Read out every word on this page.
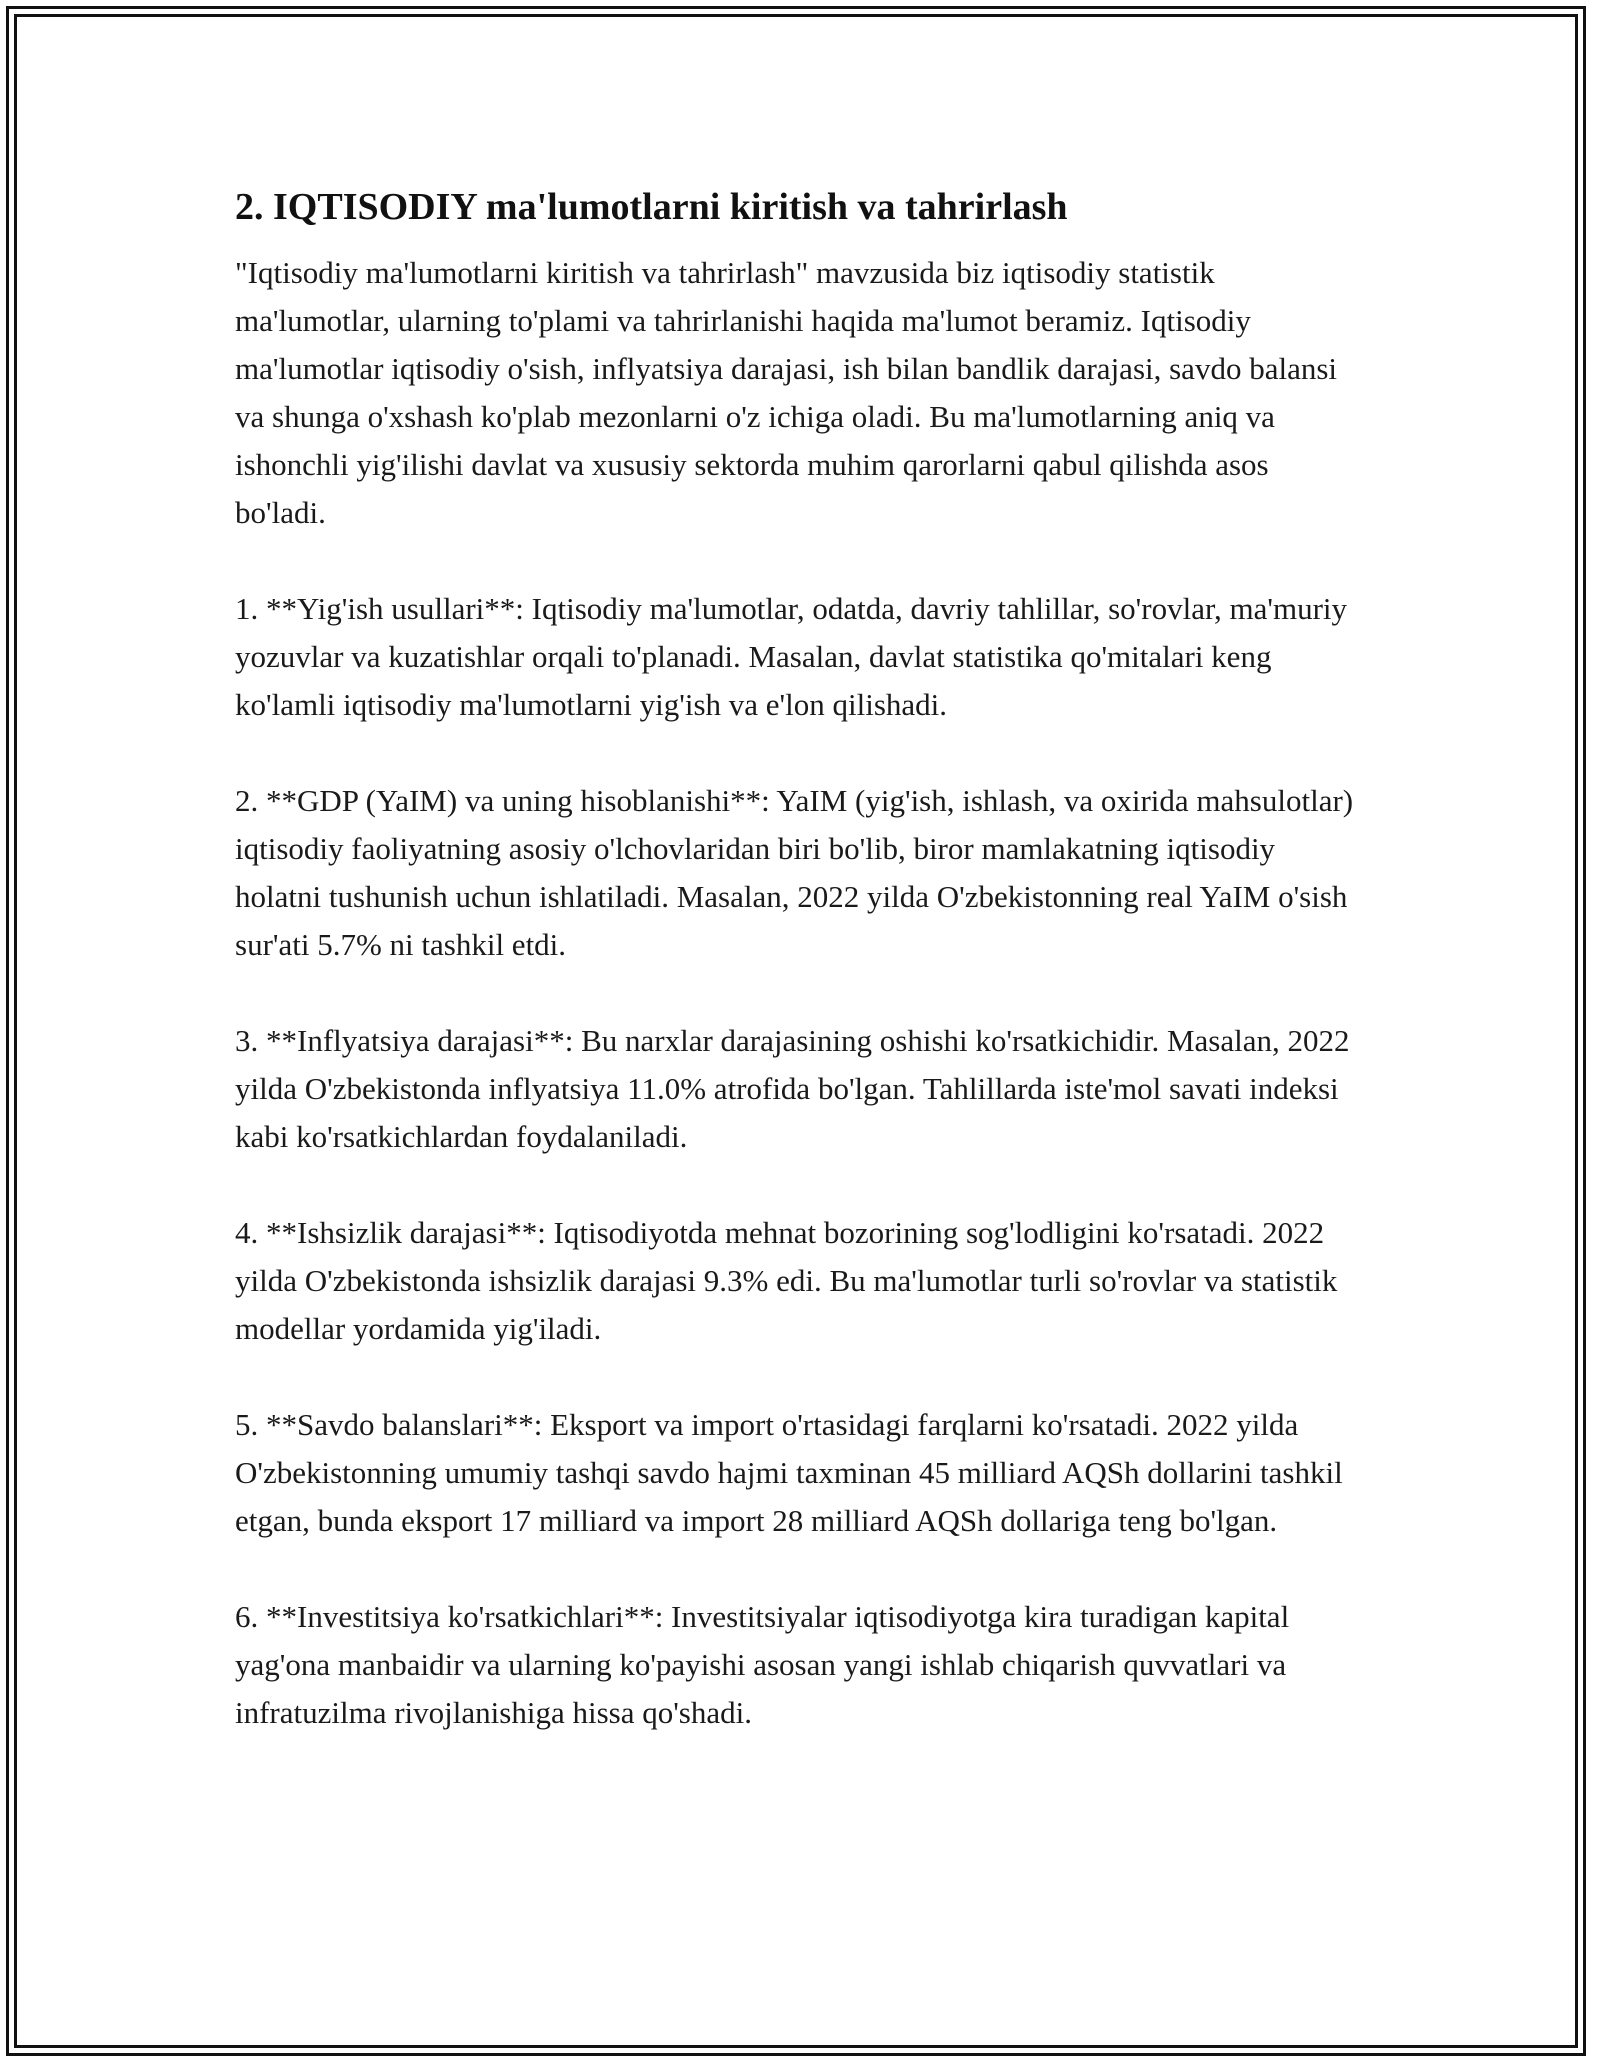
2. IQTISODIY ma'lumotlarni kiritish va tahrirlash

"Iqtisodiy ma'lumotlarni kiritish va tahrirlash" mavzusida biz iqtisodiy statistik ma'lumotlar, ularning to'plami va tahrirlanishi haqida ma'lumot beramiz. Iqtisodiy ma'lumotlar iqtisodiy o'sish, inflyatsiya darajasi, ish bilan bandlik darajasi, savdo balansi va shunga o'xshash ko'plab mezonlarni o'z ichiga oladi. Bu ma'lumotlarning aniq va ishonchli yig'ilishi davlat va xususiy sektorda muhim qarorlarni qabul qilishda asos bo'ladi.

1. **Yig'ish usullari**: Iqtisodiy ma'lumotlar, odatda, davriy tahlillar, so'rovlar, ma'muriy yozuvlar va kuzatishlar orqali to'planadi. Masalan, davlat statistika qo'mitalari keng ko'lamli iqtisodiy ma'lumotlarni yig'ish va e'lon qilishadi.

2. **GDP (YaIM) va uning hisoblanishi**: YaIM (yig'ish, ishlash, va oxirida mahsulotlar) iqtisodiy faoliyatning asosiy o'lchovlaridan biri bo'lib, biror mamlakatning iqtisodiy holatni tushunish uchun ishlatiladi. Masalan, 2022 yilda O'zbekistonning real YaIM o'sish sur'ati 5.7% ni tashkil etdi.

3. **Inflyatsiya darajasi**: Bu narxlar darajasining oshishi ko'rsatkichidir. Masalan, 2022 yilda O'zbekistonda inflyatsiya 11.0% atrofida bo'lgan. Tahlillarda iste'mol savati indeksi kabi ko'rsatkichlardan foydalaniladi.

4. **Ishsizlik darajasi**: Iqtisodiyotda mehnat bozorining sog'lodligini ko'rsatadi. 2022 yilda O'zbekistonda ishsizlik darajasi 9.3% edi. Bu ma'lumotlar turli so'rovlar va statistik modellar yordamida yig'iladi.

5. **Savdo balanslari**: Eksport va import o'rtasidagi farqlarni ko'rsatadi. 2022 yilda O'zbekistonning umumiy tashqi savdo hajmi taxminan 45 milliard AQSh dollarini tashkil etgan, bunda eksport 17 milliard va import 28 milliard AQSh dollariga teng bo'lgan.

6. **Investitsiya ko'rsatkichlari**: Investitsiyalar iqtisodiyotga kira turadigan kapital yag'ona manbaidir va ularning ko'payishi asosan yangi ishlab chiqarish quvvatlari va infratuzilma rivojlanishiga hissa qo'shadi.
